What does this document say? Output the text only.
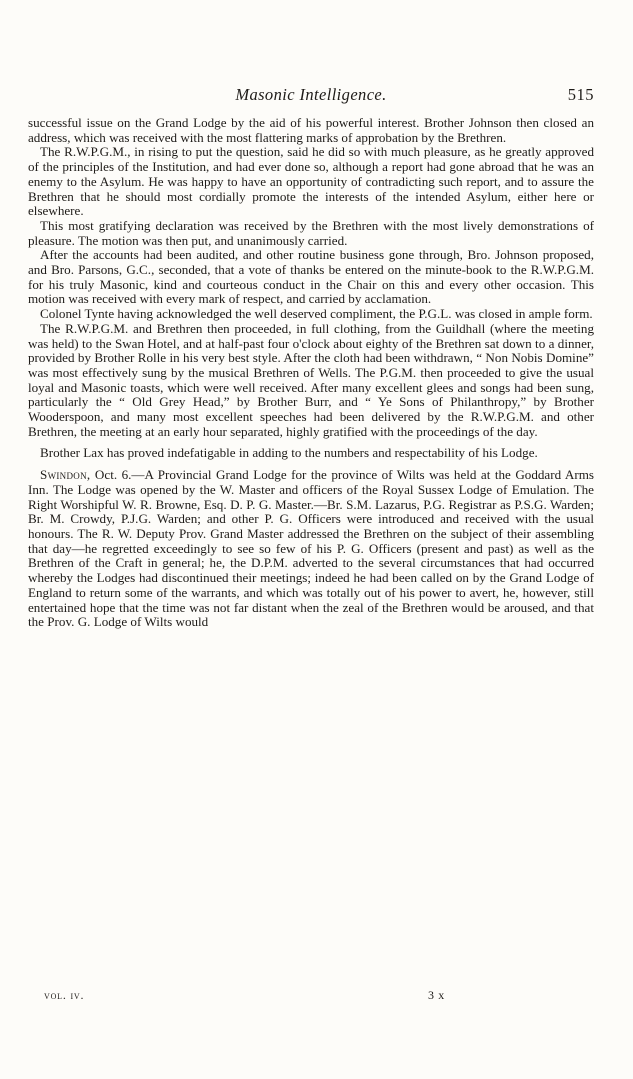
Masonic Intelligence.	515

successful issue on the Grand Lodge by the aid of his powerful interest. Brother Johnson then closed an address, which was received with the most flattering marks of approbation by the Brethren.

The R.W.P.G.M., in rising to put the question, said he did so with much pleasure, as he greatly approved of the principles of the Institution, and had ever done so, although a report had gone abroad that he was an enemy to the Asylum. He was happy to have an opportunity of contradicting such report, and to assure the Brethren that he should most cordially promote the interests of the intended Asylum, either here or elsewhere.

This most gratifying declaration was received by the Brethren with the most lively demonstrations of pleasure. The motion was then put, and unanimously carried.

After the accounts had been audited, and other routine business gone through, Bro. Johnson proposed, and Bro. Parsons, G.C., seconded, that a vote of thanks be entered on the minute-book to the R.W.P.G.M. for his truly Masonic, kind and courteous conduct in the Chair on this and every other occasion. This motion was received with every mark of respect, and carried by acclamation.

Colonel Tynte having acknowledged the well deserved compliment, the P.G.L. was closed in ample form.

The R.W.P.G.M. and Brethren then proceeded, in full clothing, from the Guildhall (where the meeting was held) to the Swan Hotel, and at half-past four o'clock about eighty of the Brethren sat down to a dinner, provided by Brother Rolle in his very best style. After the cloth had been withdrawn, “ Non Nobis Domine” was most effectively sung by the musical Brethren of Wells. The P.G.M. then proceeded to give the usual loyal and Masonic toasts, which were well received. After many excellent glees and songs had been sung, particularly the “ Old Grey Head,” by Brother Burr, and “ Ye Sons of Philanthropy,” by Brother Wooderspoon, and many most excellent speeches had been delivered by the R.W.P.G.M. and other Brethren, the meeting at an early hour separated, highly gratified with the proceedings of the day.

Brother Lax has proved indefatigable in adding to the numbers and respectability of his Lodge.

Swindon, Oct. 6.—A Provincial Grand Lodge for the province of Wilts was held at the Goddard Arms Inn. The Lodge was opened by the W. Master and officers of the Royal Sussex Lodge of Emulation. The Right Worshipful W. R. Browne, Esq. D. P. G. Master.—Br. S.M. Lazarus, P.G. Registrar as P.S.G. Warden; Br. M. Crowdy, P.J.G. Warden; and other P. G. Officers were introduced and received with the usual honours. The R. W. Deputy Prov. Grand Master addressed the Brethren on the subject of their assembling that day—he regretted exceedingly to see so few of his P. G. Officers (present and past) as well as the Brethren of the Craft in general; he, the D.P.M. adverted to the several circumstances that had occurred whereby the Lodges had discontinued their meetings; indeed he had been called on by the Grand Lodge of England to return some of the warrants, and which was totally out of his power to avert, he, however, still entertained hope that the time was not far distant when the zeal of the Brethren would be aroused, and that the Prov. G. Lodge of Wilts would

vol. iv.	3 x
